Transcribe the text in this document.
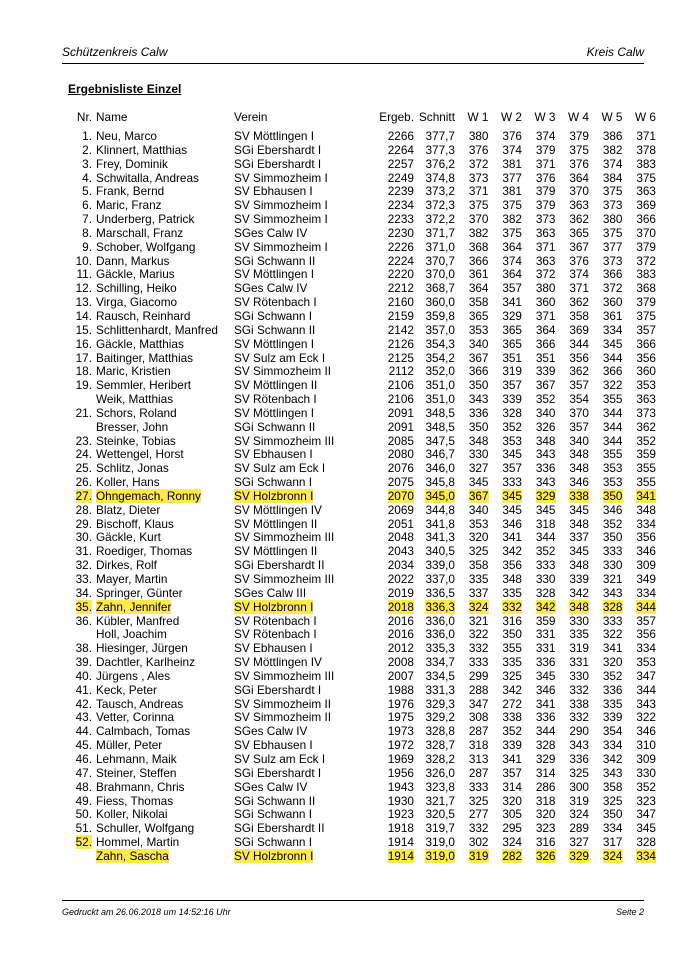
Schützenkreis Calw	Kreis Calw
Ergebnisliste Einzel
Nr.	Name	Verein	Ergeb.	Schnitt	W 1	W 2	W 3	W 4	W 5	W 6
1.	Neu, Marco	SV Möttlingen I	2266	377,7	380	376	374	379	386	371
2.	Klinnert, Matthias	SGi Ebershardt I	2264	377,3	376	374	379	375	382	378
3.	Frey, Dominik	SGi Ebershardt I	2257	376,2	372	381	371	376	374	383
4.	Schwitalla, Andreas	SV Simmozheim I	2249	374,8	373	377	376	364	384	375
5.	Frank, Bernd	SV Ebhausen I	2239	373,2	371	381	379	370	375	363
6.	Maric, Franz	SV Simmozheim I	2234	372,3	375	375	379	363	373	369
7.	Underberg, Patrick	SV Simmozheim I	2233	372,2	370	382	373	362	380	366
8.	Marschall, Franz	SGes Calw IV	2230	371,7	382	375	363	365	375	370
9.	Schober, Wolfgang	SV Simmozheim I	2226	371,0	368	364	371	367	377	379
10.	Dann, Markus	SGi Schwann II	2224	370,7	366	374	363	376	373	372
11.	Gäckle, Marius	SV Möttlingen I	2220	370,0	361	364	372	374	366	383
12.	Schilling, Heiko	SGes Calw IV	2212	368,7	364	357	380	371	372	368
13.	Virga, Giacomo	SV Rötenbach I	2160	360,0	358	341	360	362	360	379
14.	Rausch, Reinhard	SGi Schwann I	2159	359,8	365	329	371	358	361	375
15.	Schlittenhardt, Manfred	SGi Schwann II	2142	357,0	353	365	364	369	334	357
16.	Gäckle, Matthias	SV Möttlingen I	2126	354,3	340	365	366	344	345	366
17.	Baitinger, Matthias	SV Sulz am Eck I	2125	354,2	367	351	351	356	344	356
18.	Maric, Kristien	SV Simmozheim II	2112	352,0	366	319	339	362	366	360
19.	Semmler, Heribert	SV Möttlingen II	2106	351,0	350	357	367	357	322	353
	Weik, Matthias	SV Rötenbach I	2106	351,0	343	339	352	354	355	363
21.	Schors, Roland	SV Möttlingen I	2091	348,5	336	328	340	370	344	373
	Bresser, John	SGi Schwann II	2091	348,5	350	352	326	357	344	362
23.	Steinke, Tobias	SV Simmozheim III	2085	347,5	348	353	348	340	344	352
24.	Wettengel, Horst	SV Ebhausen I	2080	346,7	330	345	343	348	355	359
25.	Schlitz, Jonas	SV Sulz am Eck I	2076	346,0	327	357	336	348	353	355
26.	Koller, Hans	SGi Schwann I	2075	345,8	345	333	343	346	353	355
27.	Ohngemach, Ronny	SV Holzbronn I	2070	345,0	367	345	329	338	350	341
28.	Blatz, Dieter	SV Möttlingen IV	2069	344,8	340	345	345	345	346	348
29.	Bischoff, Klaus	SV Möttlingen II	2051	341,8	353	346	318	348	352	334
30.	Gäckle, Kurt	SV Simmozheim III	2048	341,3	320	341	344	337	350	356
31.	Roediger, Thomas	SV Möttlingen II	2043	340,5	325	342	352	345	333	346
32.	Dirkes, Rolf	SGi Ebershardt II	2034	339,0	358	356	333	348	330	309
33.	Mayer, Martin	SV Simmozheim III	2022	337,0	335	348	330	339	321	349
34.	Springer, Günter	SGes Calw III	2019	336,5	337	335	328	342	343	334
35.	Zahn, Jennifer	SV Holzbronn I	2018	336,3	324	332	342	348	328	344
36.	Kübler, Manfred	SV Rötenbach I	2016	336,0	321	316	359	330	333	357
	Holl, Joachim	SV Rötenbach I	2016	336,0	322	350	331	335	322	356
38.	Hiesinger, Jürgen	SV Ebhausen I	2012	335,3	332	355	331	319	341	334
39.	Dachtler, Karlheinz	SV Möttlingen IV	2008	334,7	333	335	336	331	320	353
40.	Jürgens , Ales	SV Simmozheim III	2007	334,5	299	325	345	330	352	347
41.	Keck, Peter	SGi Ebershardt I	1988	331,3	288	342	346	332	336	344
42.	Tausch, Andreas	SV Simmozheim II	1976	329,3	347	272	341	338	335	343
43.	Vetter, Corinna	SV Simmozheim II	1975	329,2	308	338	336	332	339	322
44.	Calmbach, Tomas	SGes Calw IV	1973	328,8	287	352	344	290	354	346
45.	Müller, Peter	SV Ebhausen I	1972	328,7	318	339	328	343	334	310
46.	Lehmann, Maik	SV Sulz am Eck I	1969	328,2	313	341	329	336	342	309
47.	Steiner, Steffen	SGi Ebershardt I	1956	326,0	287	357	314	325	343	330
48.	Brahmann, Chris	SGes Calw IV	1943	323,8	333	314	286	300	358	352
49.	Fiess, Thomas	SGi Schwann II	1930	321,7	325	320	318	319	325	323
50.	Koller, Nikolai	SGi Schwann I	1923	320,5	277	305	320	324	350	347
51.	Schuller, Wolfgang	SGi Ebershardt II	1918	319,7	332	295	323	289	334	345
52.	Hommel, Martin	SGi Schwann I	1914	319,0	302	324	316	327	317	328
	Zahn, Sascha	SV Holzbronn I	1914	319,0	319	282	326	329	324	334
Gedruckt am 26.06.2018 um 14:52:16 Uhr	Seite 2
